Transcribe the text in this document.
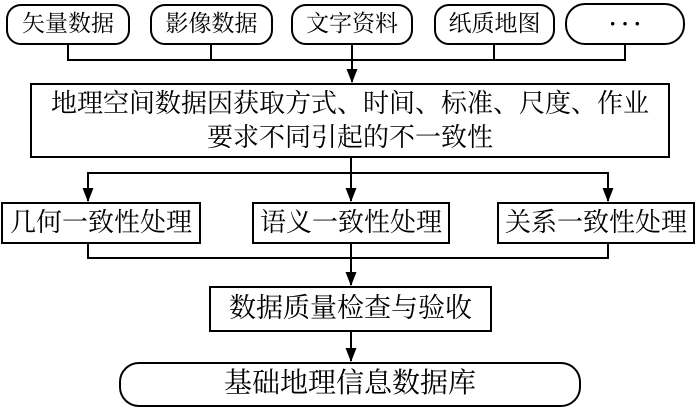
矢量数据 影像数据 文字资料 纸质地图	···
地理空间数据因获取方式、时间、标准、尺度、作业
要求不同引起的不一致性
几何一致性处理	语义一致性处理 关系一致性处理
数据质量检查与验收
基础地理信息数据库
